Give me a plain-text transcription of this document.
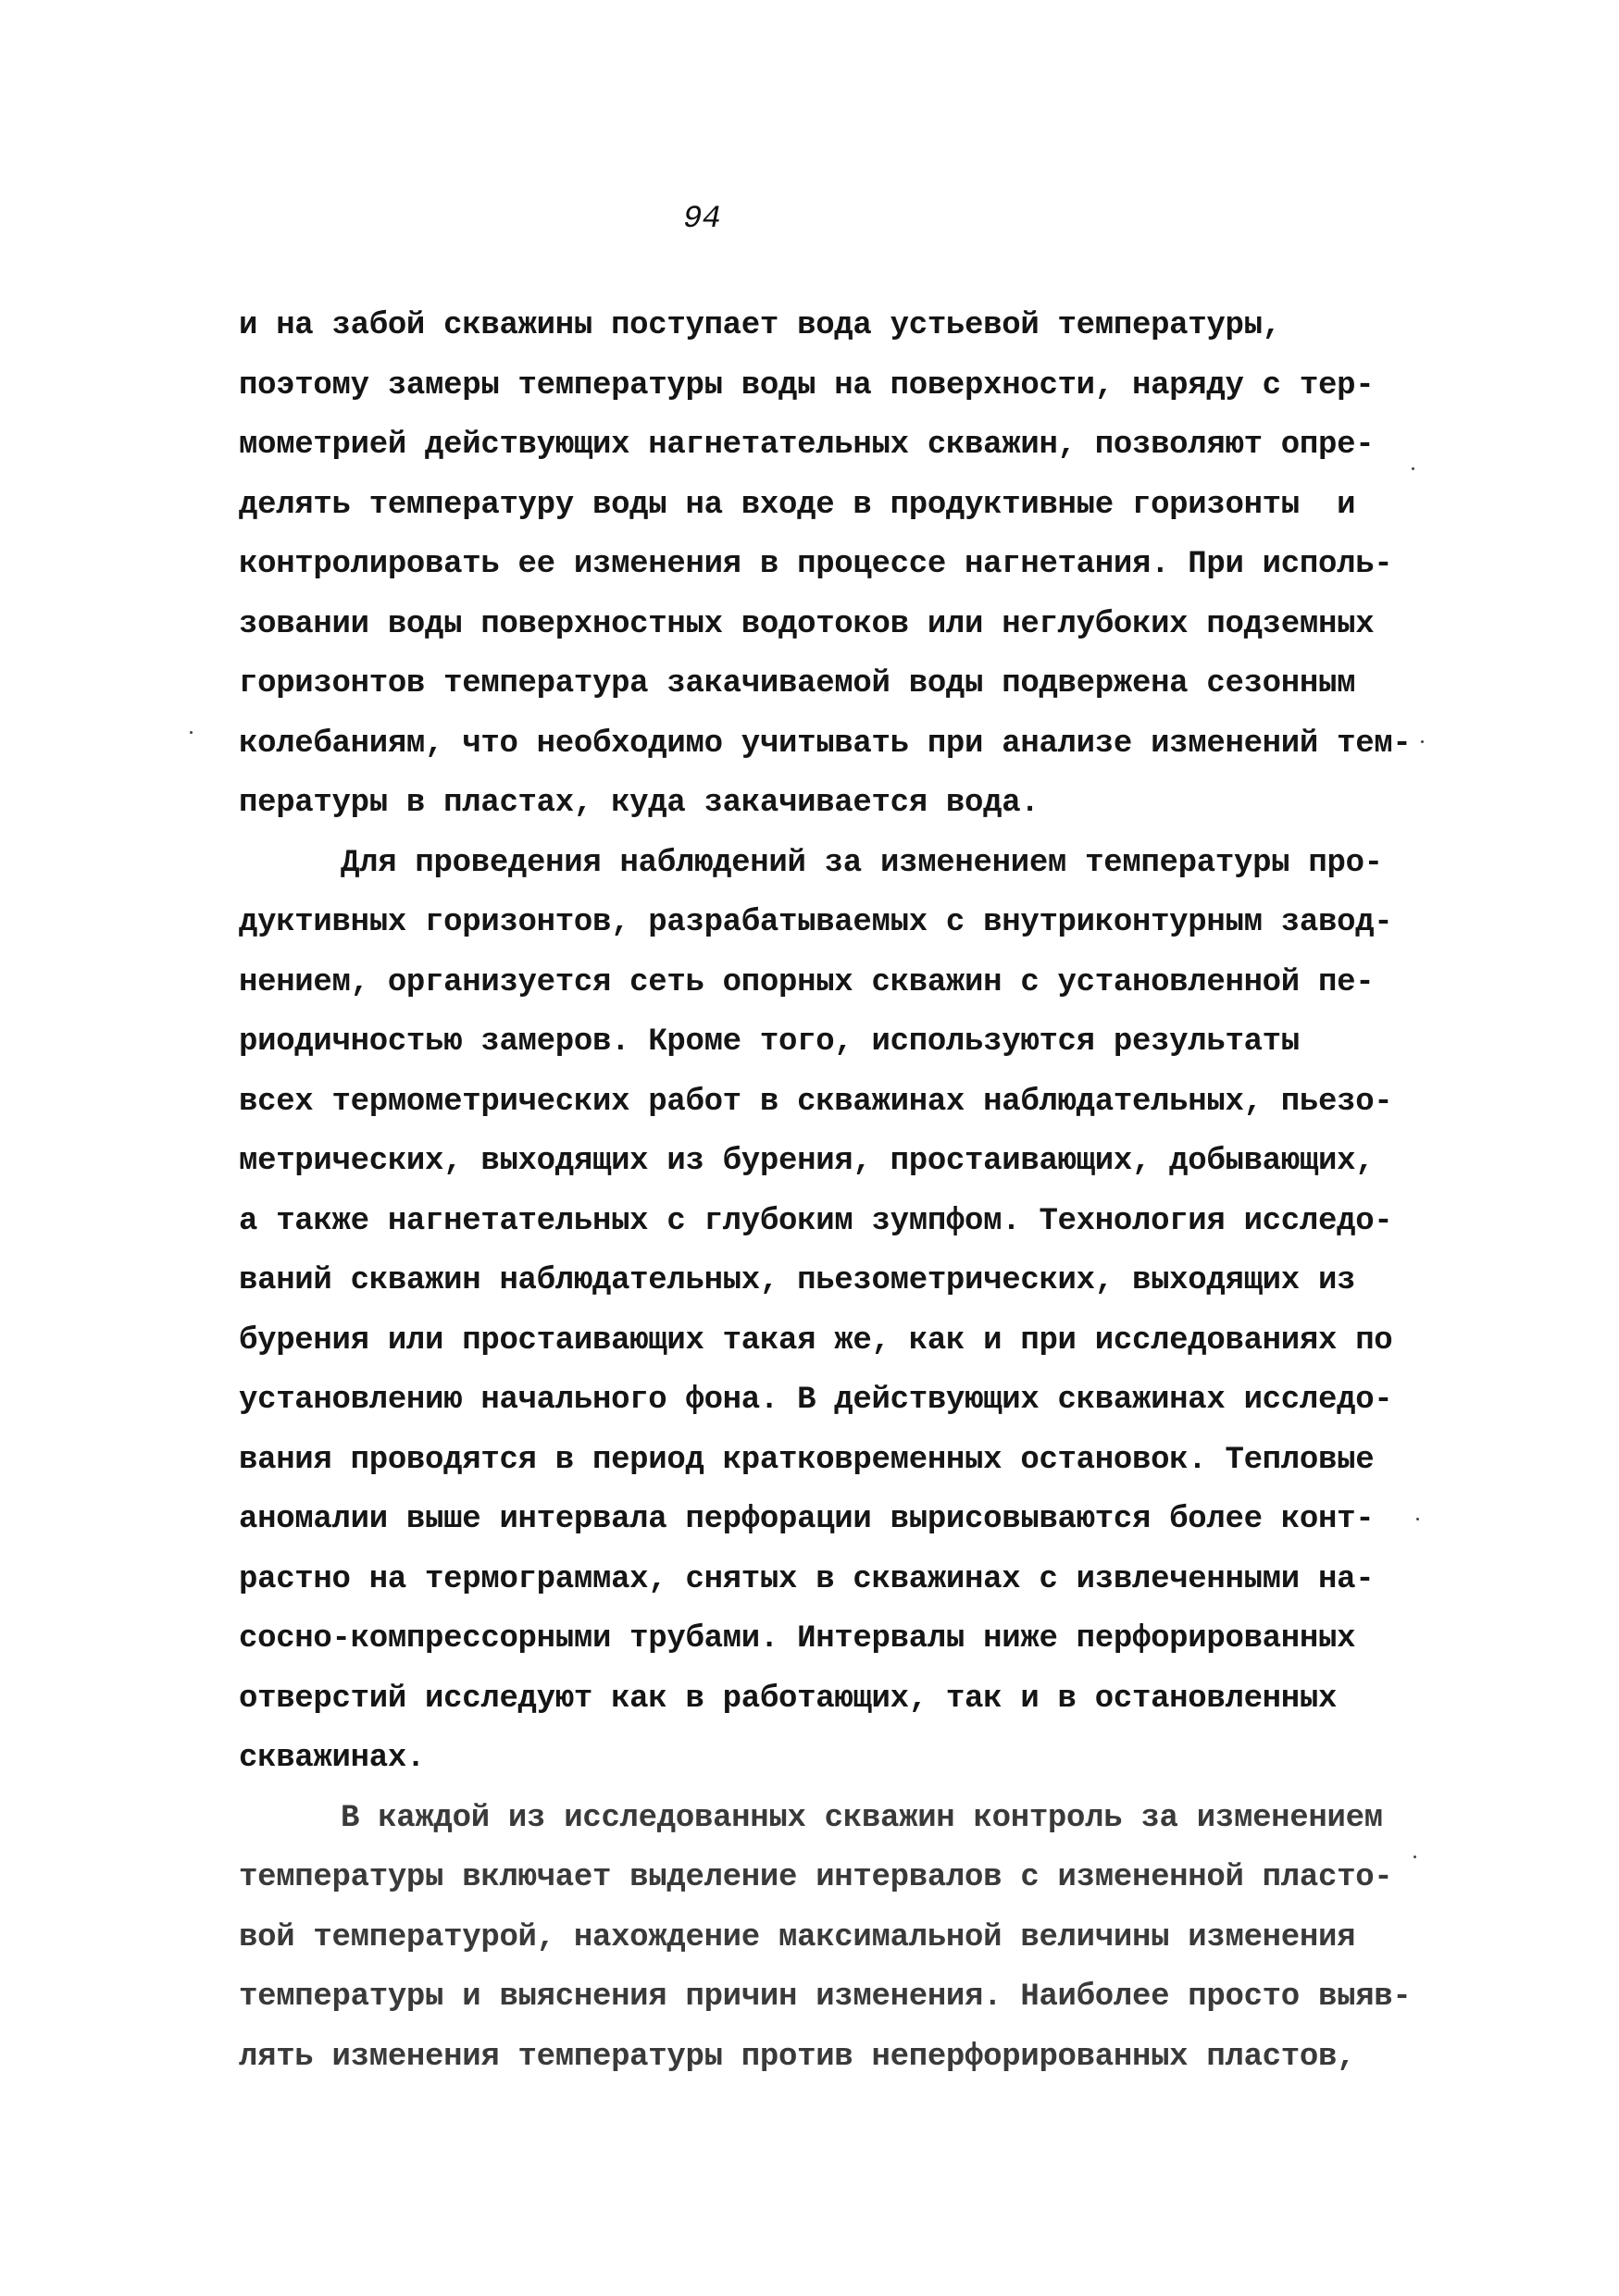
94
и на забой скважины поступает вода устьевой температуры,
поэтому замеры температуры воды на поверхности, наряду с тер-
мометрией действующих нагнетательных скважин, позволяют опре-
делять температуру воды на входе в продуктивные горизонты  и
контролировать ее изменения в процессе нагнетания. При исполь-
зовании воды поверхностных водотоков или неглубоких подземных
горизонтов температура закачиваемой воды подвержена сезонным
колебаниям, что необходимо учитывать при анализе изменений тем-
пературы в пластах, куда закачивается вода.
Для проведения наблюдений за изменением температуры про-
дуктивных горизонтов, разрабатываемых с внутриконтурным завод-
нением, организуется сеть опорных скважин с установленной пе-
риодичностью замеров. Кроме того, используются результаты
всех термометрических работ в скважинах наблюдательных, пьезо-
метрических, выходящих из бурения, простаивающих, добывающих,
а также нагнетательных с глубоким зумпфом. Технология исследо-
ваний скважин наблюдательных, пьезометрических, выходящих из
бурения или простаивающих такая же, как и при исследованиях по
установлению начального фона. В действующих скважинах исследо-
вания проводятся в период кратковременных остановок. Тепловые
аномалии выше интервала перфорации вырисовываются более конт-
растно на термограммах, снятых в скважинах с извлеченными на-
сосно-компрессорными трубами. Интервалы ниже перфорированных
отверстий исследуют как в работающих, так и в остановленных
скважинах.
В каждой из исследованных скважин контроль за изменением
температуры включает выделение интервалов с измененной пласто-
вой температурой, нахождение максимальной величины изменения
температуры и выяснения причин изменения. Наиболее просто выяв-
лять изменения температуры против неперфорированных пластов,
